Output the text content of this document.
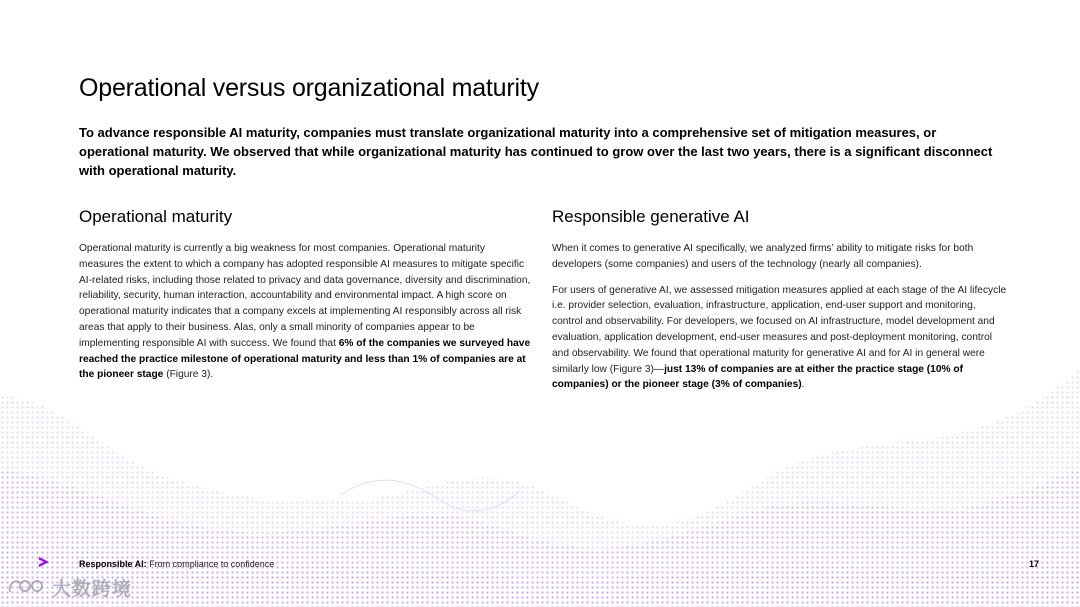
Operational versus organizational maturity

To advance responsible AI maturity, companies must translate organizational maturity into a comprehensive set of mitigation measures, or operational maturity. We observed that while organizational maturity has continued to grow over the last two years, there is a significant disconnect with operational maturity.

Operational maturity

Operational maturity is currently a big weakness for most companies. Operational maturity measures the extent to which a company has adopted responsible AI measures to mitigate specific AI-related risks, including those related to privacy and data governance, diversity and discrimination, reliability, security, human interaction, accountability and environmental impact. A high score on operational maturity indicates that a company excels at implementing AI responsibly across all risk areas that apply to their business. Alas, only a small minority of companies appear to be implementing responsible AI with success. We found that 6% of the companies we surveyed have reached the practice milestone of operational maturity and less than 1% of companies are at the pioneer stage (Figure 3).

Responsible generative AI

When it comes to generative AI specifically, we analyzed firms’ ability to mitigate risks for both developers (some companies) and users of the technology (nearly all companies).

For users of generative AI, we assessed mitigation measures applied at each stage of the AI lifecycle i.e. provider selection, evaluation, infrastructure, application, end-user support and monitoring, control and observability. For developers, we focused on AI infrastructure, model development and evaluation, application development, end-user measures and post-deployment monitoring, control and observability. We found that operational maturity for generative AI and for AI in general were similarly low (Figure 3)—just 13% of companies are at either the practice stage (10% of companies) or the pioneer stage (3% of companies).

Responsible AI: From compliance to confidence	17
大数跨境
